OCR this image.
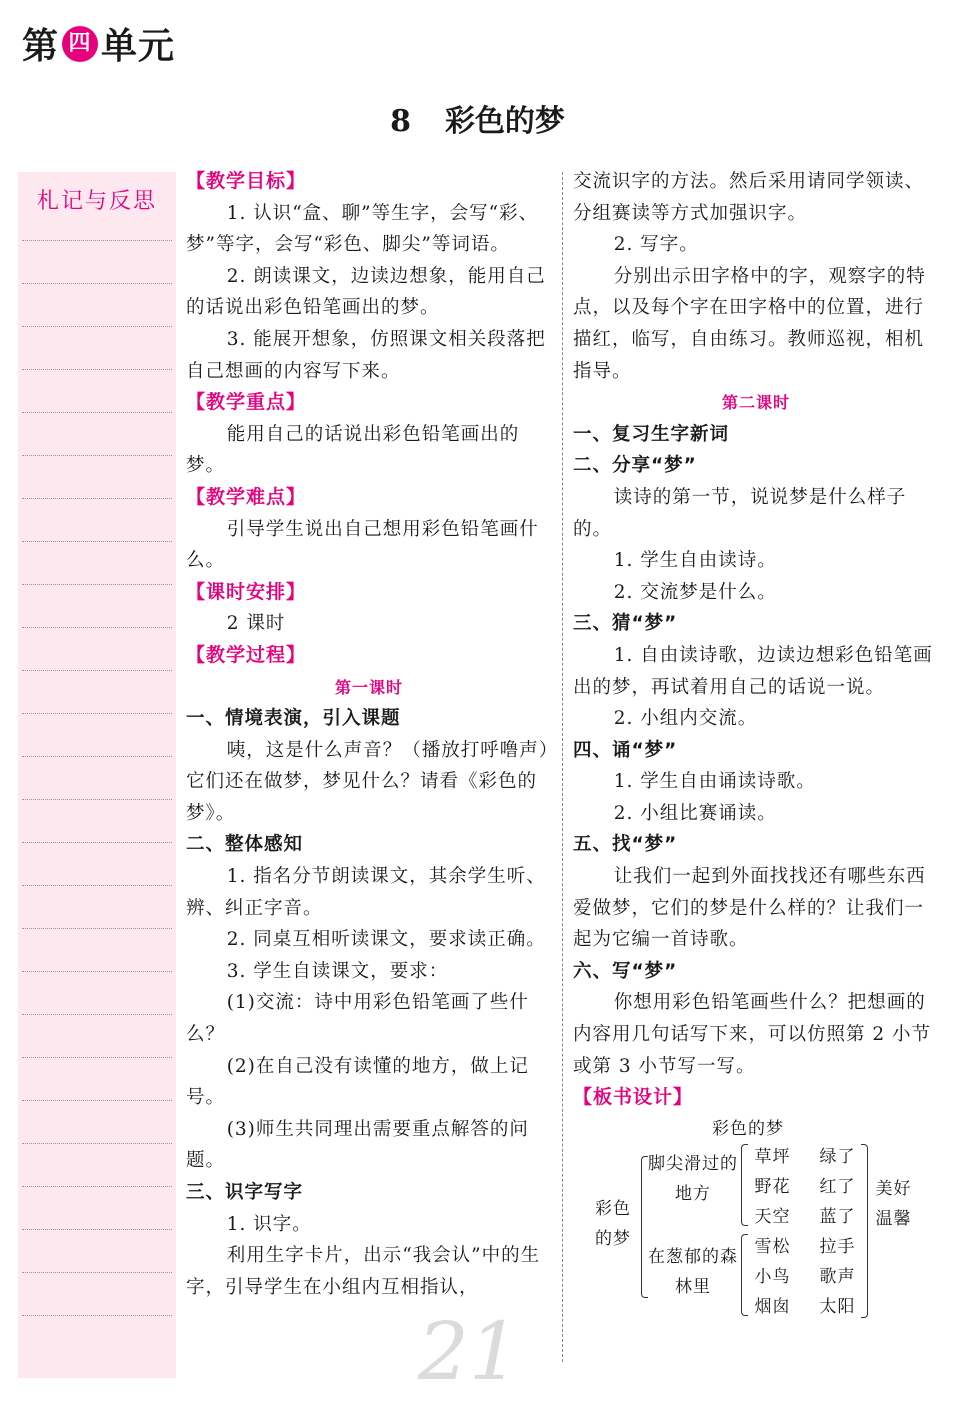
第 四 单元
8 彩色的梦
札记与反思

【教学目标】

1. 认识“盒、聊”等生字，会写“彩、梦”等字，会写“彩色、脚尖”等词语。

2. 朗读课文，边读边想象，能用自己的话说出彩色铅笔画出的梦。

3. 能展开想象，仿照课文相关段落把自己想画的内容写下来。

【教学重点】

能用自己的话说出彩色铅笔画出的梦。

【教学难点】

引导学生说出自己想用彩色铅笔画什么。

【课时安排】

2 课时

【教学过程】

第一课时

一、情境表演，引入课题

咦，这是什么声音？（播放打呼噜声）它们还在做梦，梦见什么？请看《彩色的梦》。

二、整体感知

1. 指名分节朗读课文，其余学生听、辨、纠正字音。

2. 同桌互相听读课文，要求读正确。

3. 学生自读课文，要求：

(1)交流：诗中用彩色铅笔画了些什么？

(2)在自己没有读懂的地方，做上记号。

(3)师生共同理出需要重点解答的问题。

三、识字写字

1. 识字。

利用生字卡片，出示“我会认”中的生字，引导学生在小组内互相指认，

交流识字的方法。然后采用请同学领读、分组赛读等方式加强识字。

2. 写字。

分别出示田字格中的字，观察字的特点，以及每个字在田字格中的位置，进行描红，临写，自由练习。教师巡视，相机指导。

第二课时

一、复习生字新词

二、分享“梦”

读诗的第一节，说说梦是什么样子的。

1. 学生自由读诗。

2. 交流梦是什么。

三、猜“梦”

1. 自由读诗歌，边读边想彩色铅笔画出的梦，再试着用自己的话说一说。

2. 小组内交流。

四、诵“梦”

1. 学生自由诵读诗歌。

2. 小组比赛诵读。

五、找“梦”

让我们一起到外面找找还有哪些东西爱做梦，它们的梦是什么样的？让我们一起为它编一首诗歌。

六、写“梦”

你想用彩色铅笔画些什么？把想画的内容用几句话写下来，可以仿照第 2 小节或第 3 小节写一写。

【板书设计】

彩色的梦
彩色的梦
脚尖滑过的地方
在葱郁的森林里
草坪
野花
天空
雪松
小鸟
烟囱
绿了
红了
蓝了
拉手
歌声
太阳
美好温馨
21
